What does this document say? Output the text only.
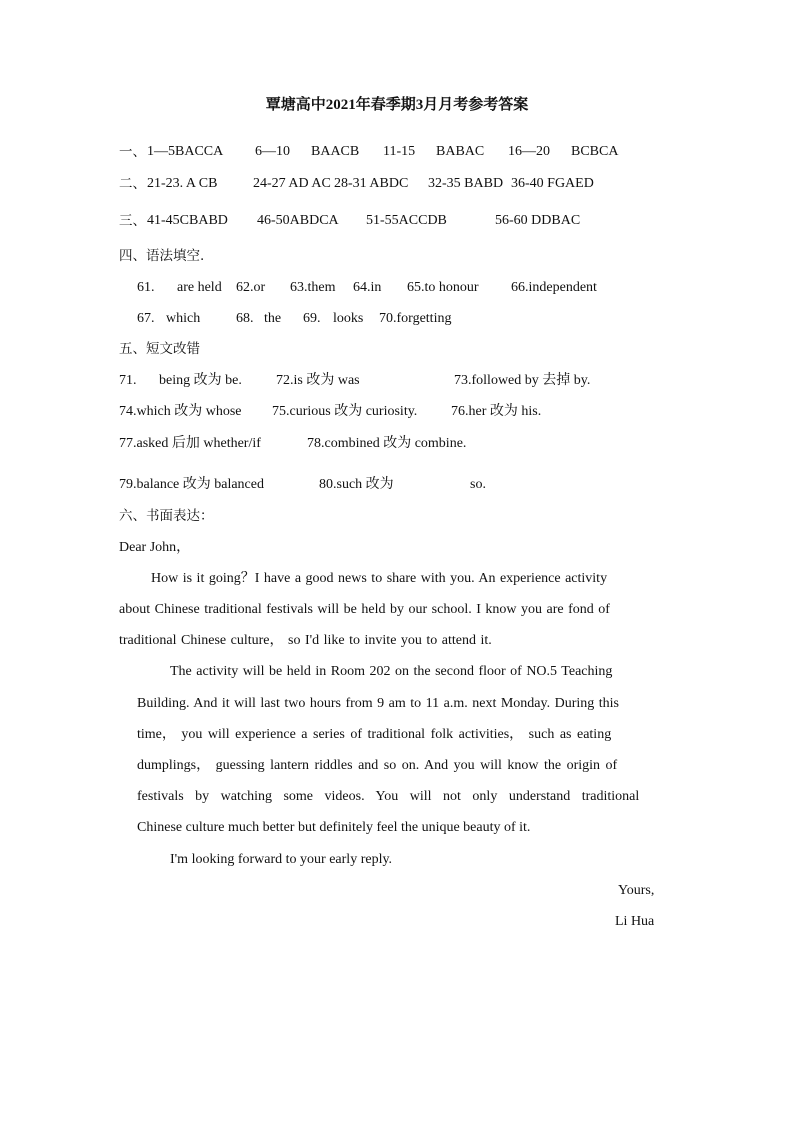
覃塘高中2021年春季期3月月考参考答案
一、 1—5BACCA 6—10 BAACB 11-15 BABAC 16—20 BCBCA
二、 21-23. A CB	24-27 AD AC 28-31 ABDC 32-35 BABD 36-40 FGAED
三、 41-45CBABD 46-50ABDCA 51-55ACCDB	56-60 DDBAC
四、语法填空.
61. are held 62.or 63.them 64.in 65.to honour 66.independent
67. which	68. the 69. looks 70.forgetting
五、短文改错
71. being 改为 be. 72.is 改为 was	73.followed by 去掉 by.
74.which 改为 whose 75.curious 改为 curiosity. 76.her 改为 his.
77.asked 后加 whether/if	78.combined 改为 combine.
79.balance 改为 balanced	80.such 改为	so.
六、书面表达：
Dear John，
How is it going？I have a good news to share with you. An experience activity
about Chinese traditional festivals will be held by our school. I know you are fond of
traditional Chinese culture， so I'd like to invite you to attend it.
The activity will be held in Room 202 on the second floor of NO.5 Teaching
Building. And it will last two hours from 9 am to 11 a.m. next Monday. During this
time， you will experience a series of traditional folk activities， such as eating
dumplings， guessing lantern riddles and so on. And you will know the origin of
festivals by watching some videos. You will not only understand traditional
Chinese culture much better but definitely feel the unique beauty of it.
I'm looking forward to your early reply.
Yours,
Li Hua
